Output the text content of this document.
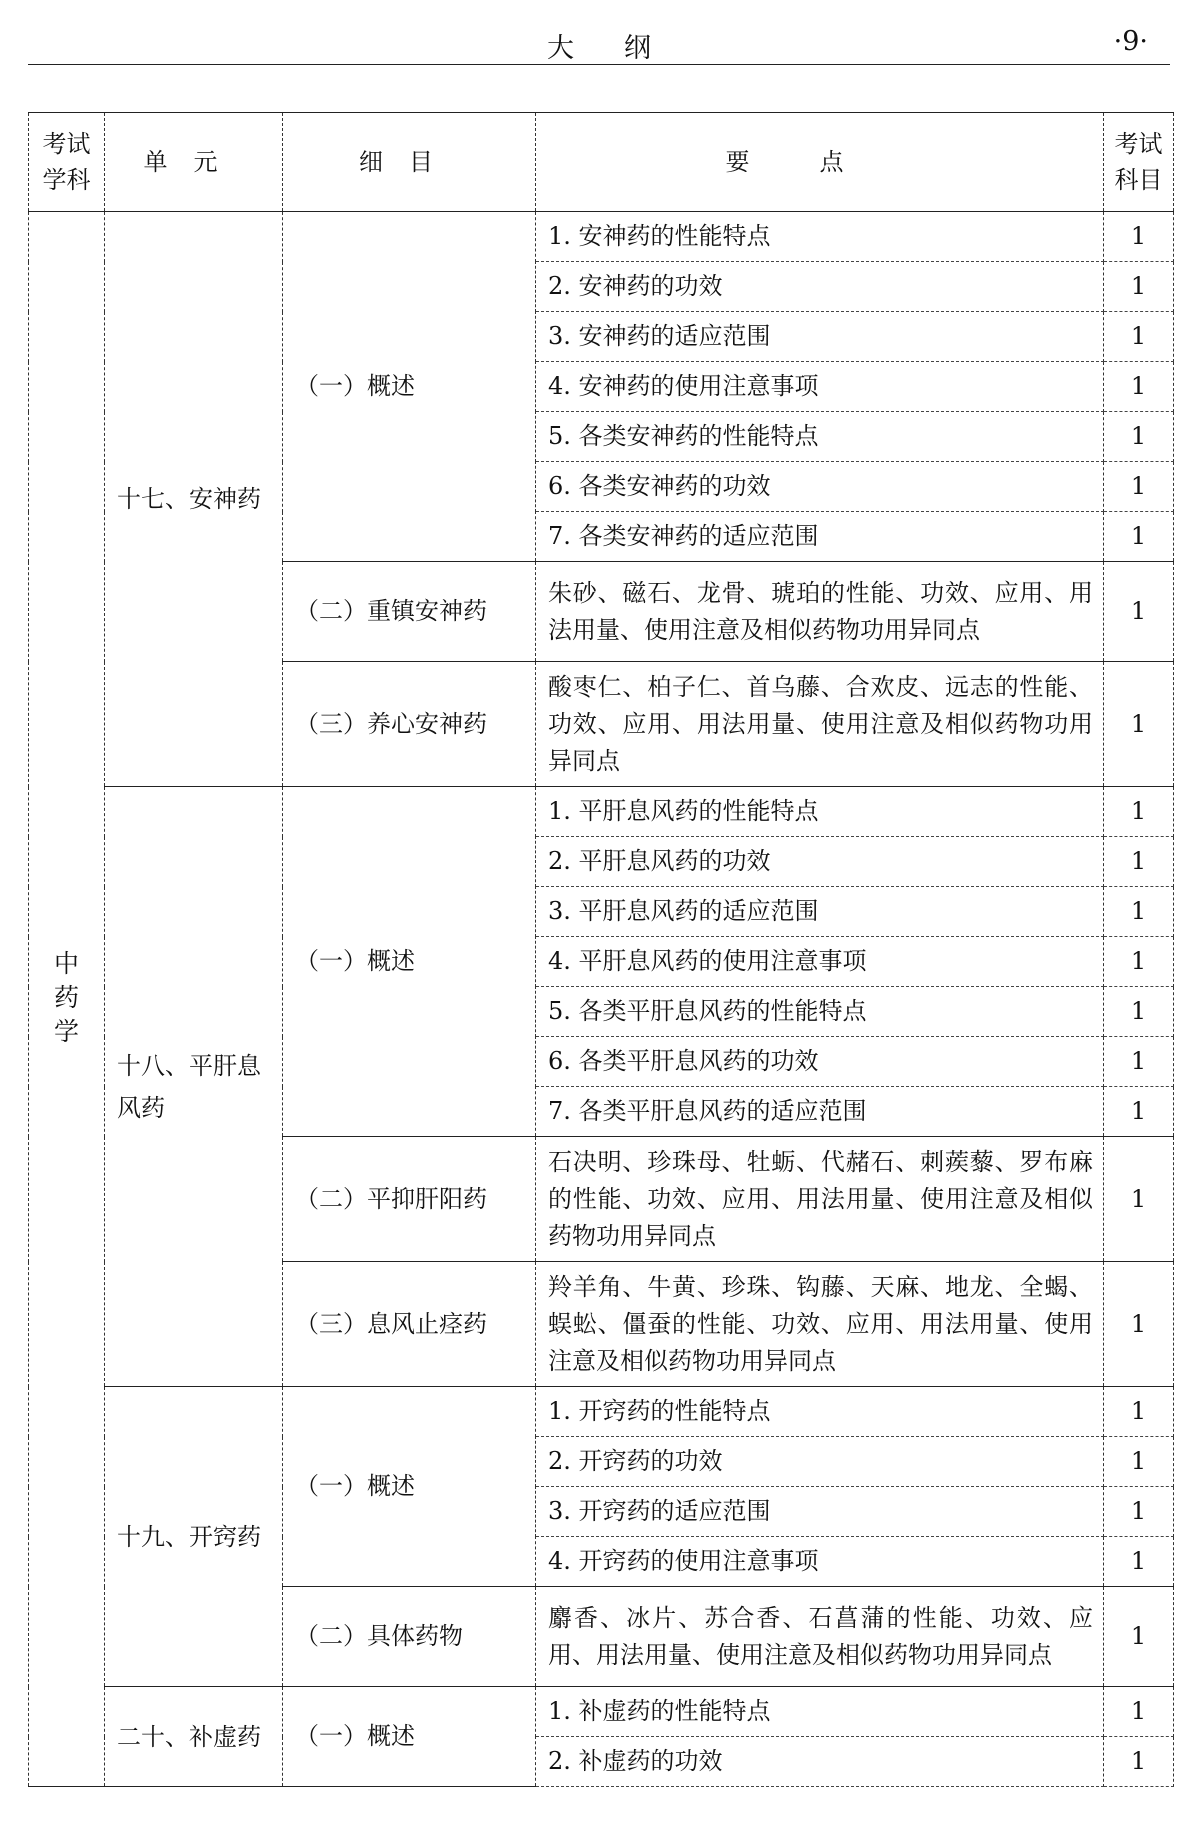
大纲	·9·
考试学科	单元	细目	要点	考试科目
中药学	十七、安神药	（一）概述	1. 安神药的性能特点	1
			2. 安神药的功效	1
			3. 安神药的适应范围	1
			4. 安神药的使用注意事项	1
			5. 各类安神药的性能特点	1
			6. 各类安神药的功效	1
			7. 各类安神药的适应范围	1
		（二）重镇安神药	朱砂、磁石、龙骨、琥珀的性能、功效、应用、用法用量、使用注意及相似药物功用异同点	1
		（三）养心安神药	酸枣仁、柏子仁、首乌藤、合欢皮、远志的性能、功效、应用、用法用量、使用注意及相似药物功用异同点	1
	十八、平肝息风药	（一）概述	1. 平肝息风药的性能特点	1
			2. 平肝息风药的功效	1
			3. 平肝息风药的适应范围	1
			4. 平肝息风药的使用注意事项	1
			5. 各类平肝息风药的性能特点	1
			6. 各类平肝息风药的功效	1
			7. 各类平肝息风药的适应范围	1
		（二）平抑肝阳药	石决明、珍珠母、牡蛎、代赭石、刺蒺藜、罗布麻的性能、功效、应用、用法用量、使用注意及相似药物功用异同点	1
		（三）息风止痉药	羚羊角、牛黄、珍珠、钩藤、天麻、地龙、全蝎、蜈蚣、僵蚕的性能、功效、应用、用法用量、使用注意及相似药物功用异同点	1
	十九、开窍药	（一）概述	1. 开窍药的性能特点	1
			2. 开窍药的功效	1
			3. 开窍药的适应范围	1
			4. 开窍药的使用注意事项	1
		（二）具体药物	麝香、冰片、苏合香、石菖蒲的性能、功效、应用、用法用量、使用注意及相似药物功用异同点	1
	二十、补虚药	（一）概述	1. 补虚药的性能特点	1
			2. 补虚药的功效	1
